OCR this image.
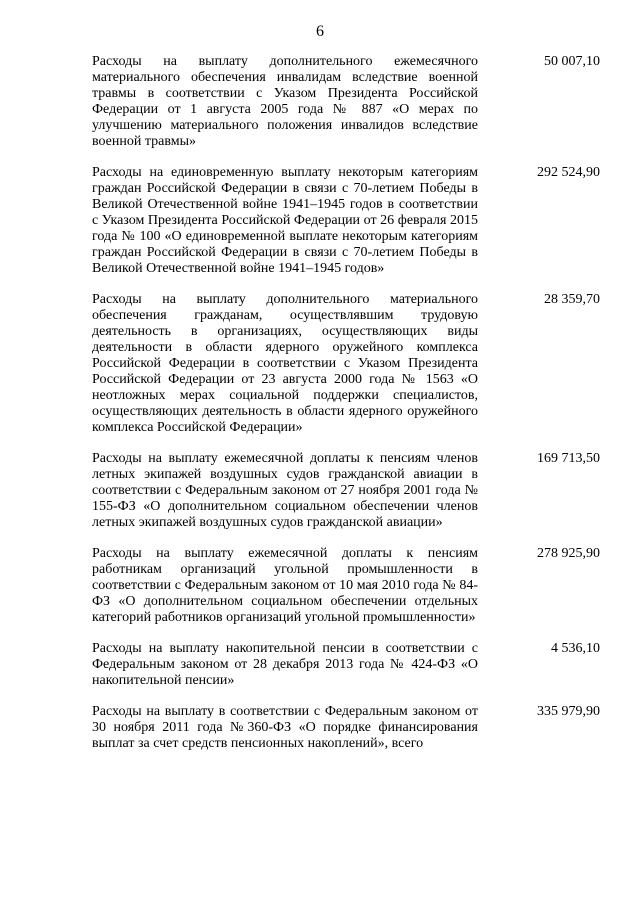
6
Расходы на выплату дополнительного ежемесячного материального обеспечения инвалидам вследствие военной травмы в соответствии с Указом Президента Российской Федерации от 1 августа 2005 года № 887 «О мерах по улучшению материального положения инвалидов вследствие военной травмы»
50 007,10
Расходы на единовременную выплату некоторым категориям граждан Российской Федерации в связи с 70-летием Победы в Великой Отечественной войне 1941–1945 годов в соответствии с Указом Президента Российской Федерации от 26 февраля 2015 года № 100 «О единовременной выплате некоторым категориям граждан Российской Федерации в связи с 70-летием Победы в Великой Отечественной войне 1941–1945 годов»
292 524,90
Расходы на выплату дополнительного материального обеспечения гражданам, осуществлявшим трудовую деятельность в организациях, осуществляющих виды деятельности в области ядерного оружейного комплекса Российской Федерации в соответствии с Указом Президента Российской Федерации от 23 августа 2000 года № 1563 «О неотложных мерах социальной поддержки специалистов, осуществляющих деятельность в области ядерного оружейного комплекса Российской Федерации»
28 359,70
Расходы на выплату ежемесячной доплаты к пенсиям членов летных экипажей воздушных судов гражданской авиации в соответствии с Федеральным законом от 27 ноября 2001 года № 155-ФЗ «О дополнительном социальном обеспечении членов летных экипажей воздушных судов гражданской авиации»
169 713,50
Расходы на выплату ежемесячной доплаты к пенсиям работникам организаций угольной промышленности в соответствии с Федеральным законом от 10 мая 2010 года № 84-ФЗ «О дополнительном социальном обеспечении отдельных категорий работников организаций угольной промышленности»
278 925,90
Расходы на выплату накопительной пенсии в соответствии с Федеральным законом от 28 декабря 2013 года № 424-ФЗ «О накопительной пенсии»
4 536,10
Расходы на выплату в соответствии с Федеральным законом от 30 ноября 2011 года №360-ФЗ «О порядке финансирования выплат за счет средств пенсионных накоплений», всего
335 979,90
